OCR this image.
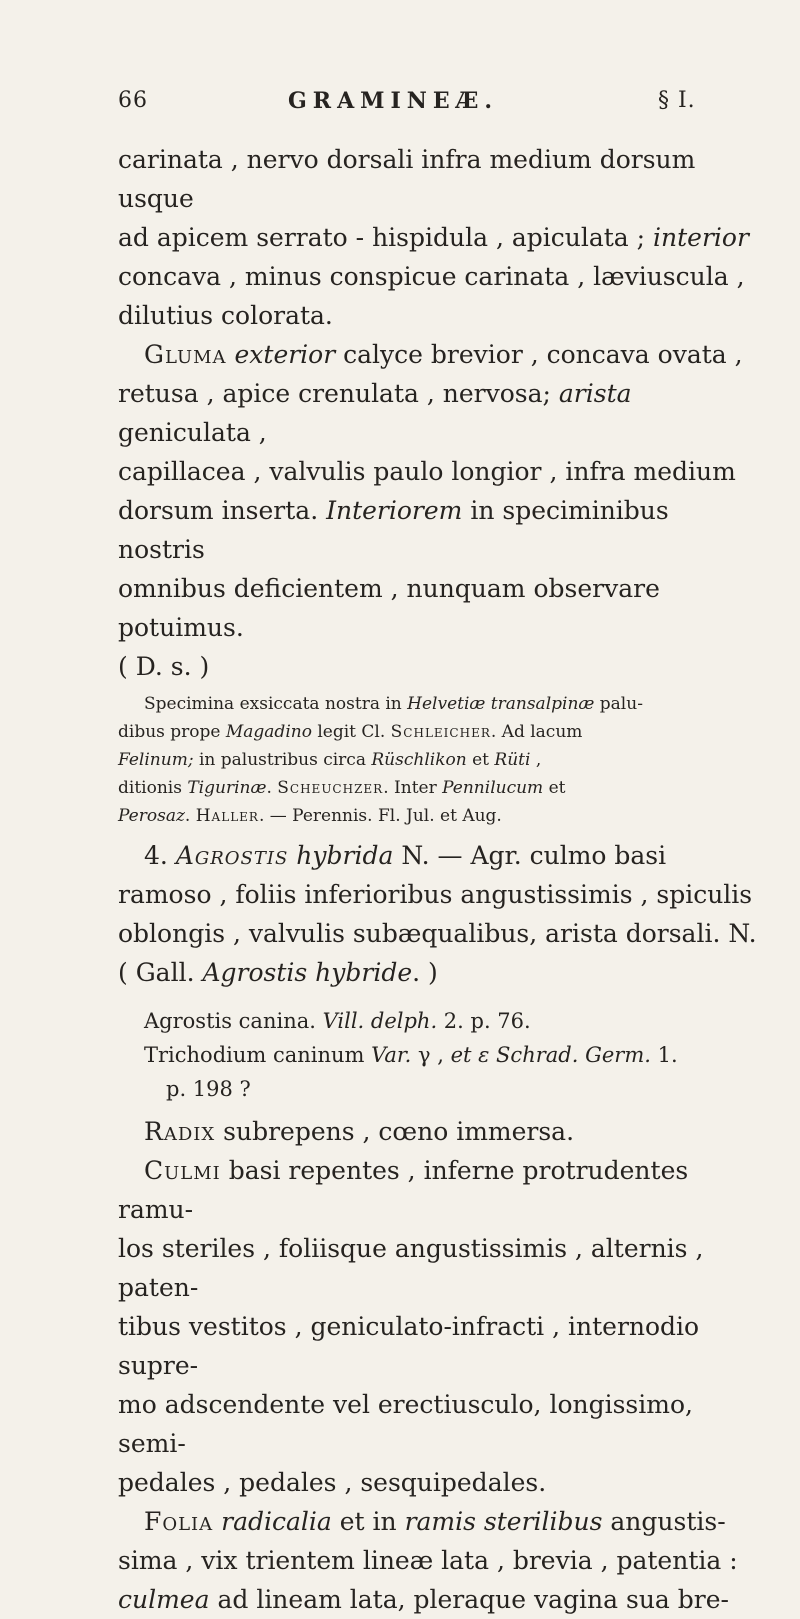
66	GRAMINEÆ.	§ I.

carinata , nervo dorsali infra medium dorsum usque

ad apicem serrato - hispidula , apiculata ; interior

concava , minus conspicue carinata , læviuscula ,

dilutius colorata.

Gluma exterior calyce brevior , concava ovata ,

retusa , apice crenulata , nervosa; arista geniculata ,

capillacea , valvulis paulo longior , infra medium

dorsum inserta. Interiorem in speciminibus nostris

omnibus deficientem , nunquam observare potuimus.

( D. s. )

Specimina exsiccata nostra in Helvetiæ transalpinæ palu-

dibus prope Magadino legit Cl. Schleicher. Ad lacum

Felinum; in palustribus circa Rüschlikon et Rüti ,

ditionis Tigurinæ. Scheuchzer. Inter Pennilucum et

Perosaz. Haller. — Perennis. Fl. Jul. et Aug.

4. Agrostis hybrida N. — Agr. culmo basi

ramoso , foliis inferioribus angustissimis , spiculis

oblongis , valvulis subæqualibus, arista dorsali. N.

( Gall. Agrostis hybride. )

Agrostis canina. Vill. delph. 2. p. 76.

Trichodium caninum Var. γ , et ε Schrad. Germ. 1.

p. 198 ?

Radix subrepens , cœno immersa.

Culmi basi repentes , inferne protrudentes ramu-

los steriles , foliisque angustissimis , alternis , paten-

tibus vestitos , geniculato-infracti , internodio supre-

mo adscendente vel erectiusculo, longissimo, semi-

pedales , pedales , sesquipedales.

Folia radicalia et in ramis sterilibus angustis-

sima , vix trientem lineæ lata , brevia , patentia :

culmea ad lineam lata, pleraque vagina sua bre-
